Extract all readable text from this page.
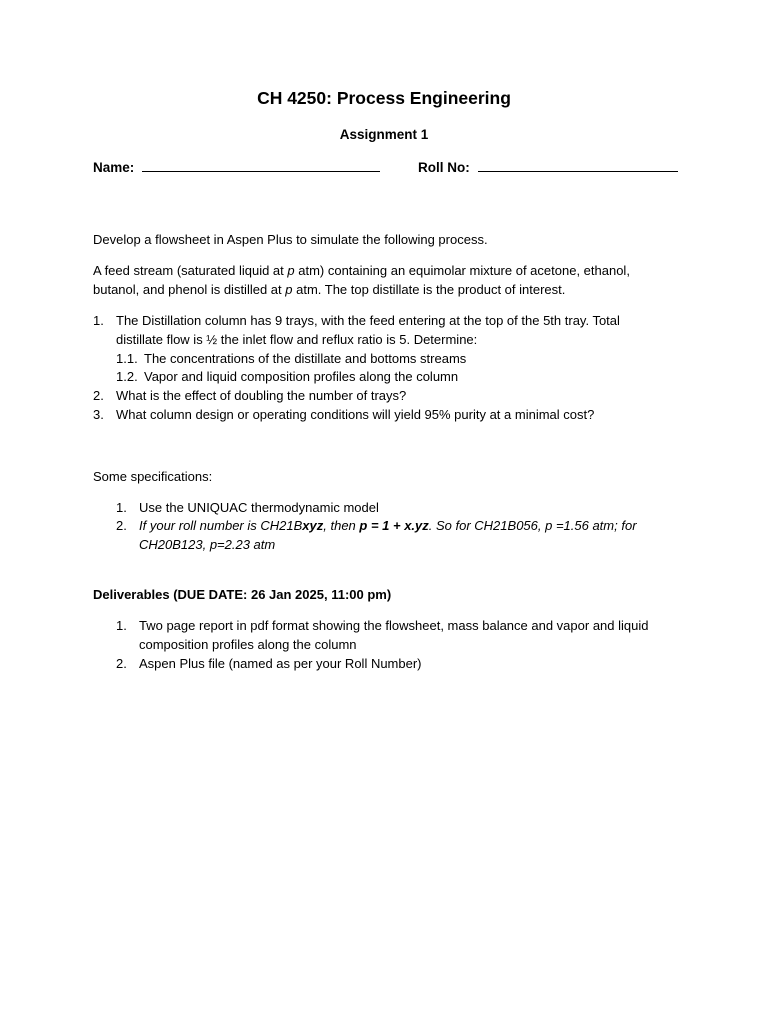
CH 4250: Process Engineering
Assignment 1
Name:	Roll No:
Develop a flowsheet in Aspen Plus to simulate the following process.
A feed stream (saturated liquid at p atm) containing an equimolar mixture of acetone, ethanol, butanol, and phenol is distilled at p atm. The top distillate is the product of interest.
1. The Distillation column has 9 trays, with the feed entering at the top of the 5th tray. Total distillate flow is ½ the inlet flow and reflux ratio is 5. Determine:
1.1. The concentrations of the distillate and bottoms streams
1.2. Vapor and liquid composition profiles along the column
2. What is the effect of doubling the number of trays?
3. What column design or operating conditions will yield 95% purity at a minimal cost?
Some specifications:
1. Use the UNIQUAC thermodynamic model
2. If your roll number is CH21Bxyz, then p = 1 + x.yz. So for CH21B056, p =1.56 atm; for CH20B123, p=2.23 atm
Deliverables (DUE DATE: 26 Jan 2025, 11:00 pm)
1. Two page report in pdf format showing the flowsheet, mass balance and vapor and liquid composition profiles along the column
2. Aspen Plus file (named as per your Roll Number)
